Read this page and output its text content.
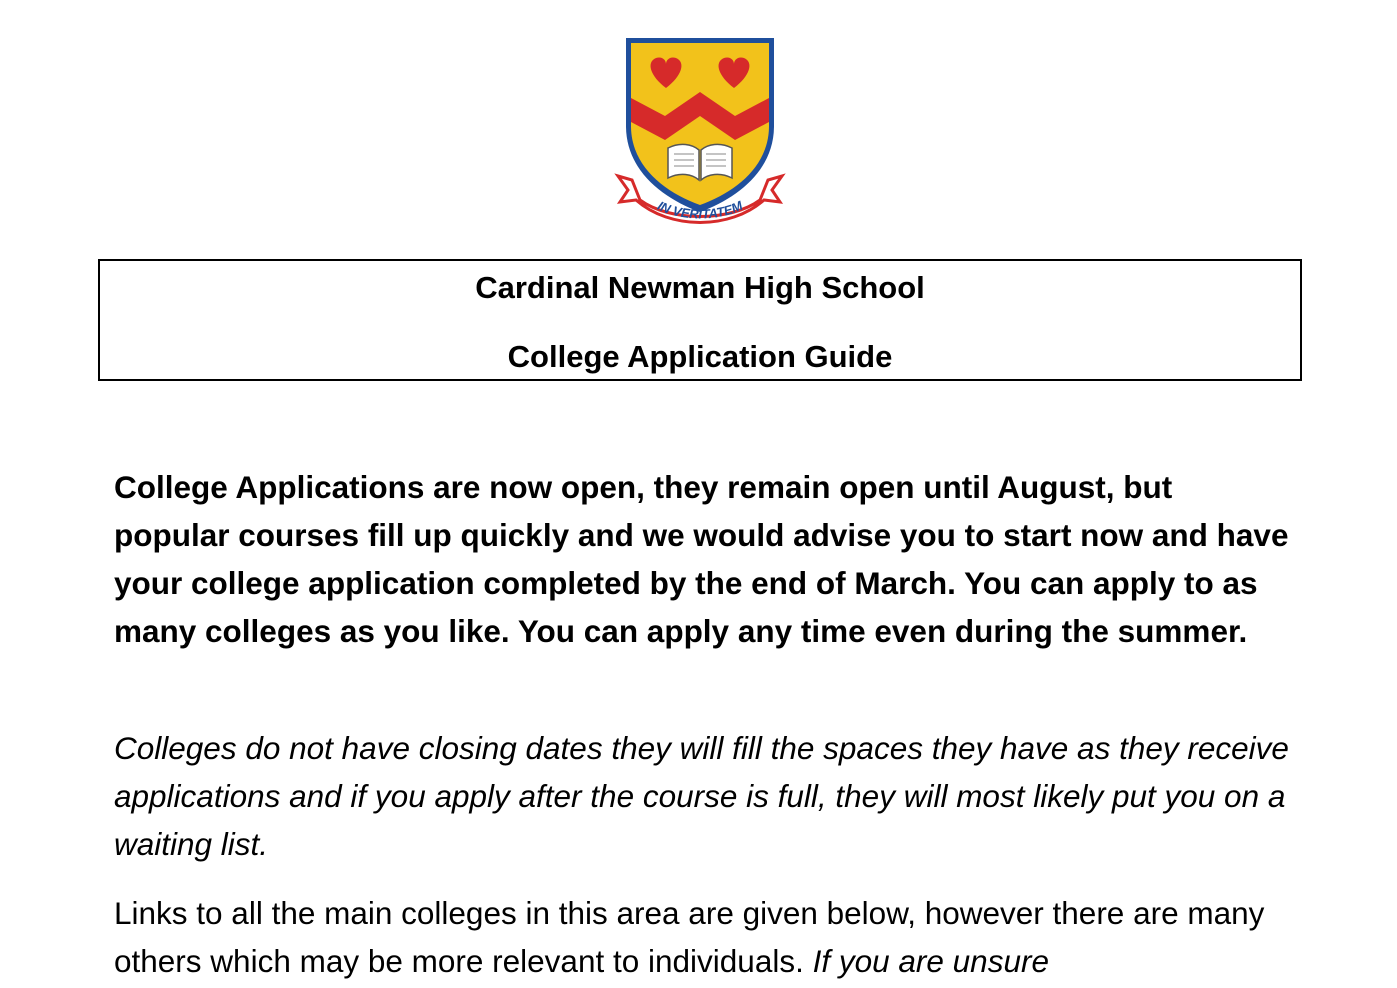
IN VERITATEM

Cardinal Newman High School

College Application Guide

College Applications are now open, they remain open until August, but popular courses fill up quickly and we would advise you to start now and have your college application completed by the end of March. You can apply to as many colleges as you like. You can apply any time even during the summer.

Colleges do not have closing dates they will fill the spaces they have as they receive applications and if you apply after the course is full, they will most likely put you on a waiting list.

Links to all the main colleges in this area are given below, however there are many others which may be more relevant to individuals. If you are unsure
